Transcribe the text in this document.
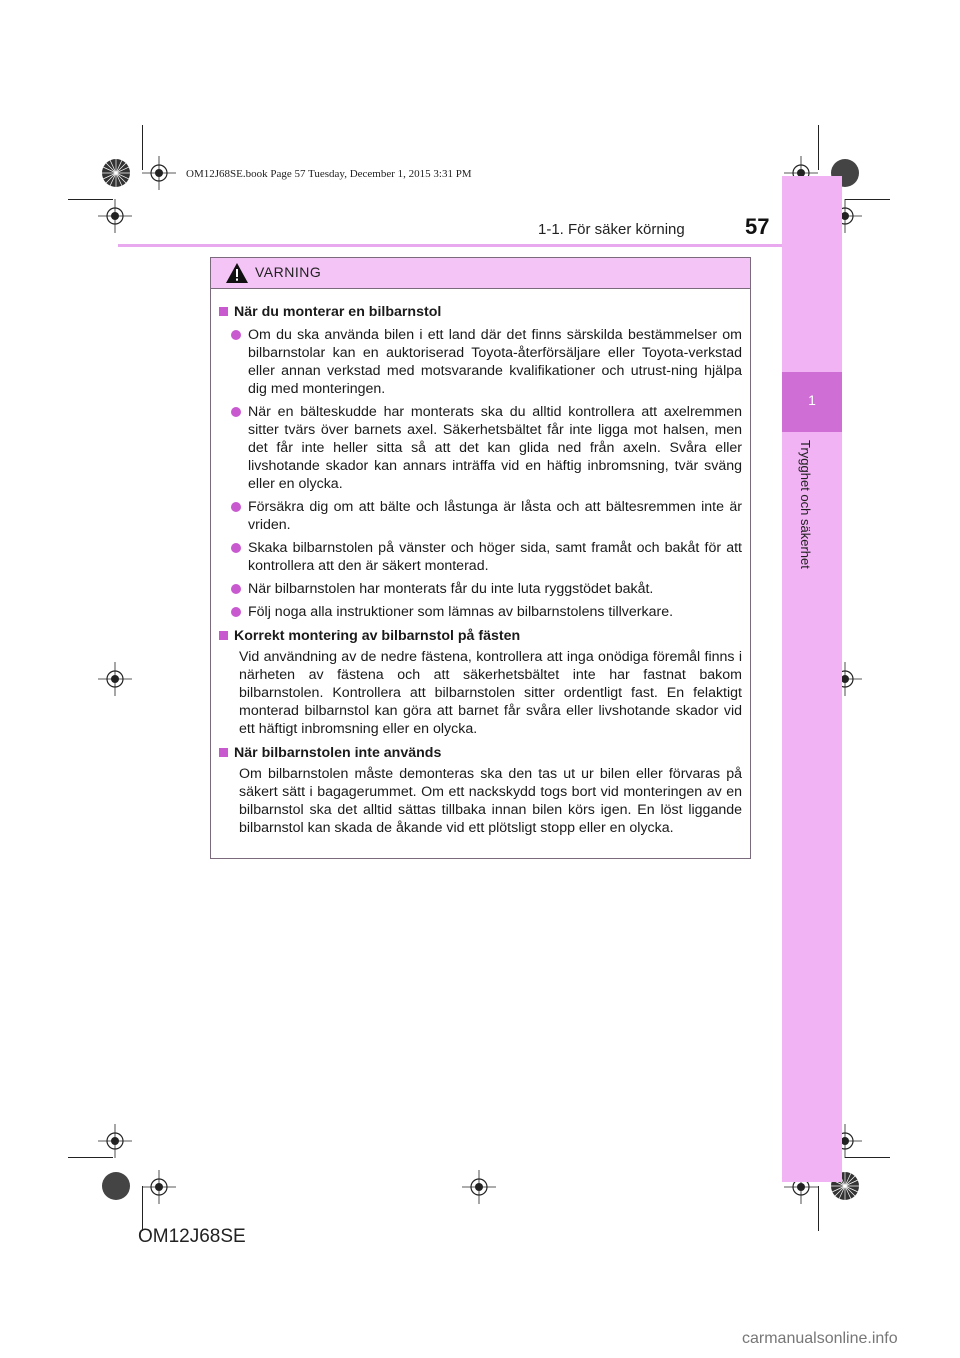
1
Trygghet och säkerhet
OM12J68SE.book Page 57 Tuesday, December 1, 2015 3:31 PM
1-1. För säker körning	57
VARNING
När du monterar en bilbarnstol
Om du ska använda bilen i ett land där det finns särskilda bestämmelser om bilbarnstolar kan en auktoriserad Toyota-återförsäljare eller Toyota-verkstad eller annan verkstad med motsvarande kvalifikationer och utrust-ning hjälpa dig med monteringen.
När en bälteskudde har monterats ska du alltid kontrollera att axelremmen sitter tvärs över barnets axel. Säkerhetsbältet får inte ligga mot halsen, men det får inte heller sitta så att det kan glida ned från axeln. Svåra eller livshotande skador kan annars inträffa vid en häftig inbromsning, tvär sväng eller en olycka.
Försäkra dig om att bälte och låstunga är låsta och att bältesremmen inte är vriden.
Skaka bilbarnstolen på vänster och höger sida, samt framåt och bakåt för att kontrollera att den är säkert monterad.
När bilbarnstolen har monterats får du inte luta ryggstödet bakåt.
Följ noga alla instruktioner som lämnas av bilbarnstolens tillverkare.
Korrekt montering av bilbarnstol på fästen
Vid användning av de nedre fästena, kontrollera att inga onödiga föremål finns i närheten av fästena och att säkerhetsbältet inte har fastnat bakom bilbarnstolen. Kontrollera att bilbarnstolen sitter ordentligt fast. En felaktigt monterad bilbarnstol kan göra att barnet får svåra eller livshotande skador vid ett häftigt inbromsning eller en olycka.
När bilbarnstolen inte används
Om bilbarnstolen måste demonteras ska den tas ut ur bilen eller förvaras på säkert sätt i bagagerummet. Om ett nackskydd togs bort vid monteringen av en bilbarnstol ska det alltid sättas tillbaka innan bilen körs igen. En löst liggande bilbarnstol kan skada de åkande vid ett plötsligt stopp eller en olycka.
OM12J68SE
carmanualsonline.info
